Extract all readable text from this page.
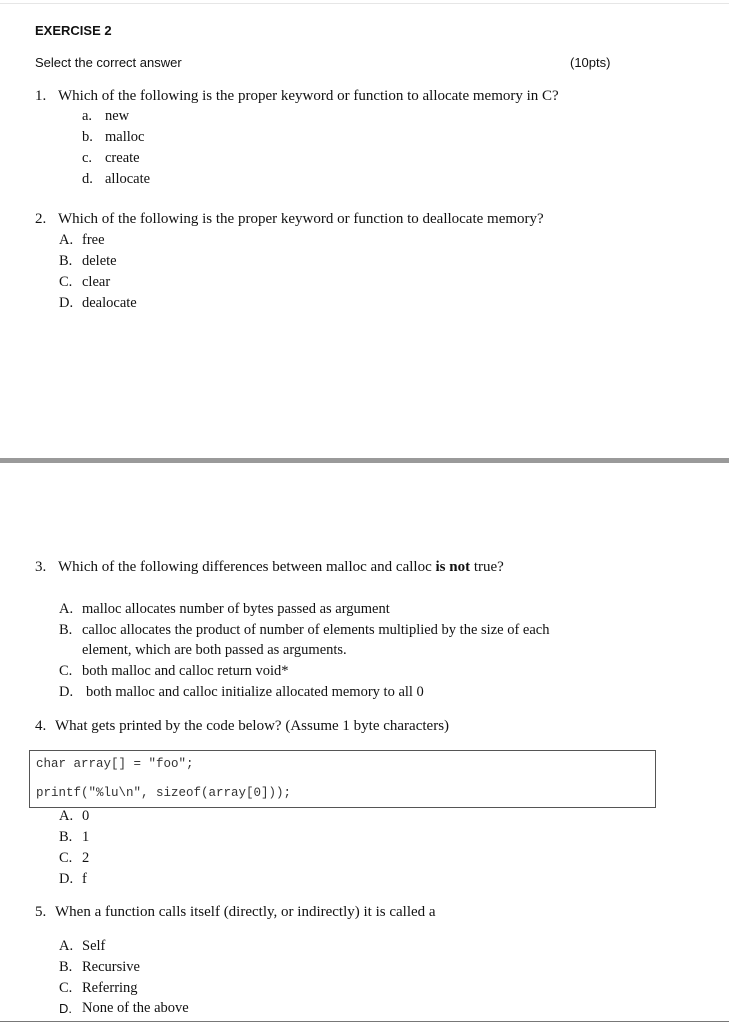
EXERCISE 2
Select the correct answer	(10pts)
1. Which of the following is the proper keyword or function to allocate memory in C?
a. new
b. malloc
c. create
d. allocate
2. Which of the following is the proper keyword or function to deallocate memory?
A. free
B. delete
C. clear
D. dealocate
3. Which of the following differences between malloc and calloc is not true?
A. malloc allocates number of bytes passed as argument
B. calloc allocates the product of number of elements multiplied by the size of each
element, which are both passed as arguments.
C. both malloc and calloc return void*
D. both malloc and calloc initialize allocated memory to all 0
4. What gets printed by the code below? (Assume 1 byte characters)
char array[] = "foo";
printf("%lu\n", sizeof(array[0]));
A. 0
B. 1
C. 2
D. f
5. When a function calls itself (directly, or indirectly) it is called a
A. Self
B. Recursive
C. Referring
D. None of the above
